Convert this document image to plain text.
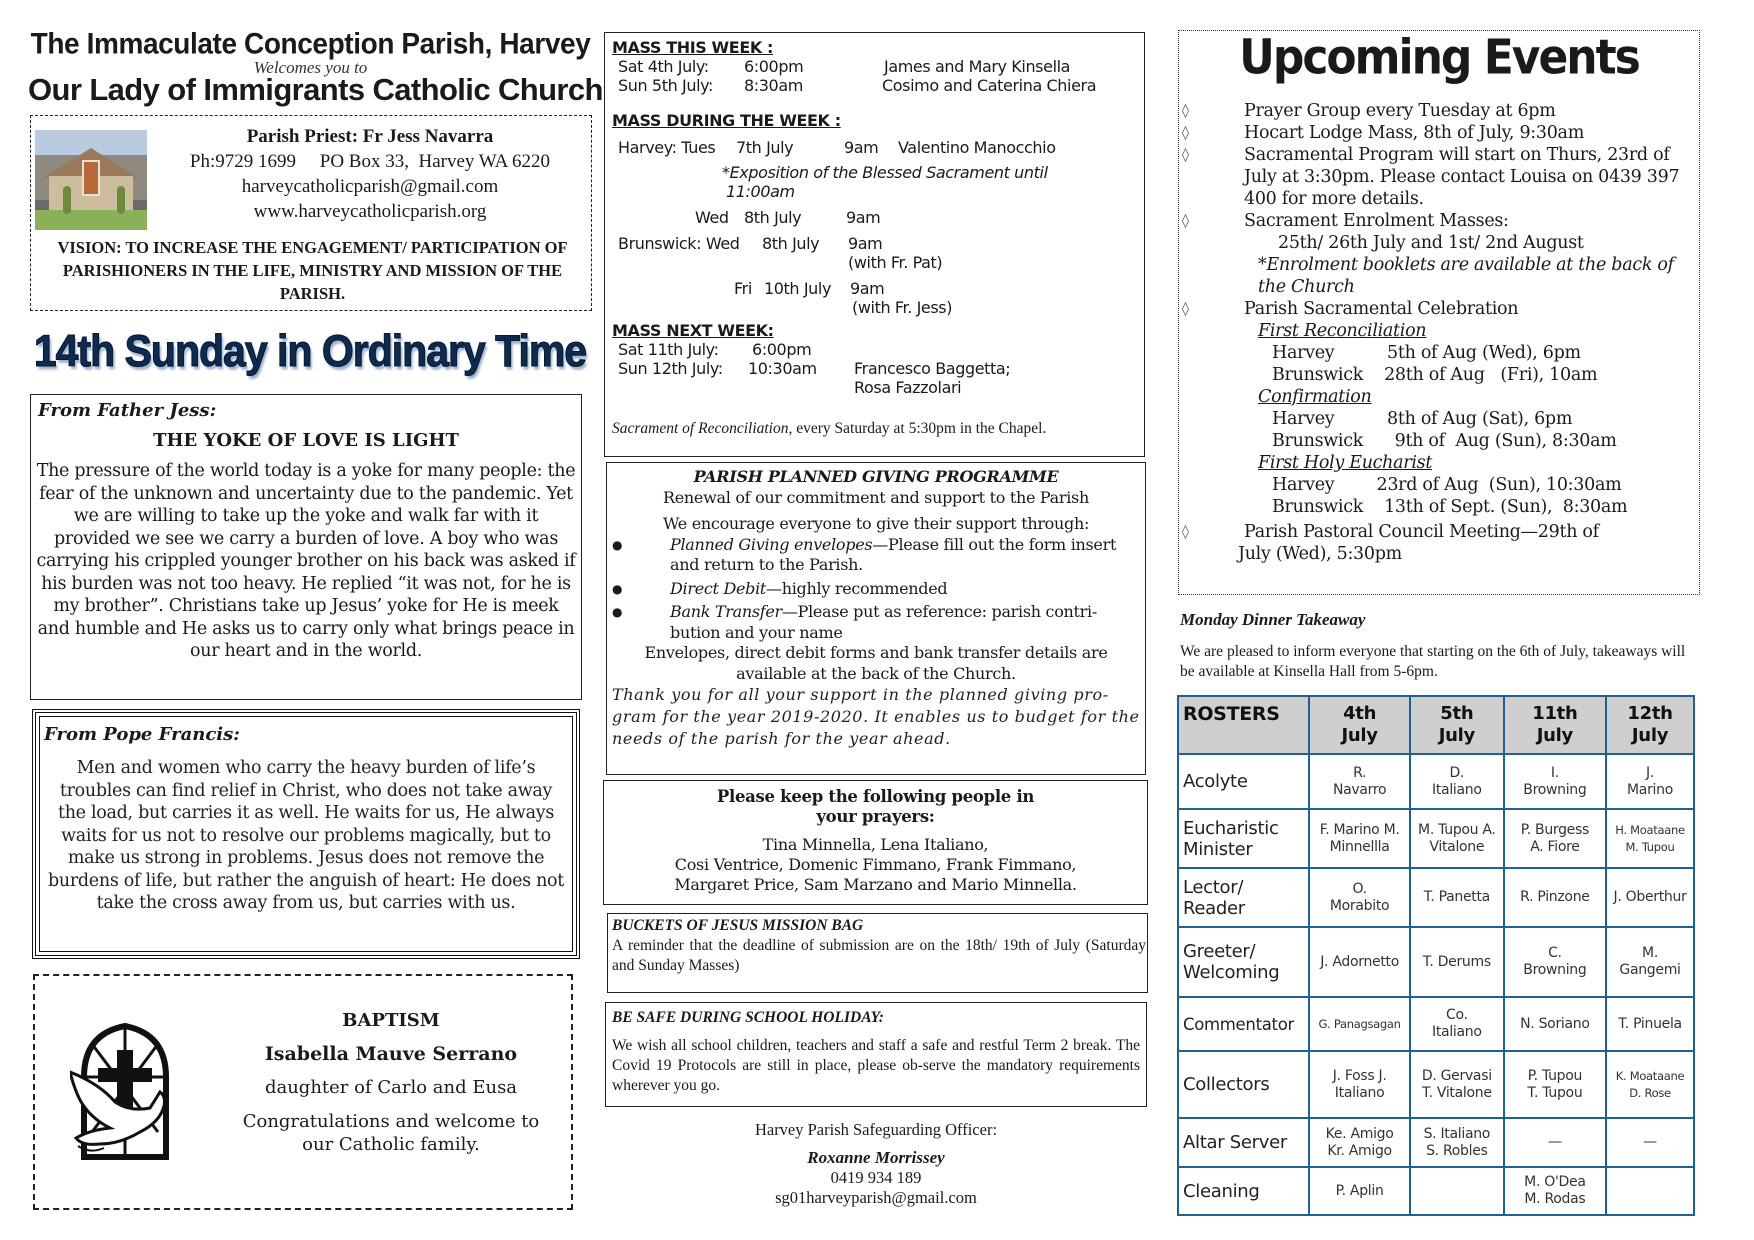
The Immaculate Conception Parish, Harvey
Welcomes you to
Our Lady of Immigrants Catholic Church
Parish Priest: Fr Jess Navarra
Ph:9729 1699     PO Box 33,  Harvey WA 6220
harveycatholicparish@gmail.com
www.harveycatholicparish.org
VISION: TO INCREASE THE ENGAGEMENT/ PARTICIPATION OF PARISHIONERS IN THE LIFE, MINISTRY AND MISSION OF THE PARISH.
14th Sunday in Ordinary Time
From Father Jess:
THE YOKE OF LOVE IS LIGHT
The pressure of the world today is a yoke for many people: the fear of the unknown and uncertainty due to the pandemic. Yet we are willing to take up the yoke and walk far with it provided we see we carry a burden of love. A boy who was carrying his crippled younger brother on his back was asked if his burden was not too heavy. He replied “it was not, for he is my brother”. Christians take up Jesus’ yoke for He is meek and humble and He asks us to carry only what brings peace in our heart and in the world.
From Pope Francis:
Men and women who carry the heavy burden of life’s troubles can find relief in Christ, who does not take away the load, but carries it as well. He waits for us, He always waits for us not to resolve our problems magically, but to make us strong in problems. Jesus does not remove the burdens of life, but rather the anguish of heart: He does not take the cross away from us, but carries with us.
BAPTISM
Isabella Mauve Serrano
daughter of Carlo and Eusa
Congratulations and welcome to our Catholic family.
MASS THIS WEEK :
Sat 4th July: 6:00pm	James and Mary Kinsella
Sun 5th July: 8:30am	Cosimo and Caterina Chiera
MASS DURING THE WEEK :
Harvey: Tues 7th July	9am Valentino Manocchio
*Exposition of the Blessed Sacrament until
11:00am
Wed 8th July	9am
Brunswick: Wed 8th July 9am
(with Fr. Pat)
Fri 10th July 9am
(with Fr. Jess)
MASS NEXT WEEK:
Sat 11th July: 6:00pm
Sun 12th July: 10:30am Francesco Baggetta;
Rosa Fazzolari
Sacrament of Reconciliation, every Saturday at 5:30pm in the Chapel.
PARISH PLANNED GIVING PROGRAMME
Renewal of our commitment and support to the Parish
We encourage everyone to give their support through:
● Planned Giving envelopes—Please fill out the form insert and return to the Parish.
● Direct Debit—highly recommended
● Bank Transfer—Please put as reference: parish contri-bution and your name
Envelopes, direct debit forms and bank transfer details are available at the back of the Church.
Thank you for all your support in the planned giving pro-gram for the year 2019-2020. It enables us to budget for the needs of the parish for the year ahead.
Please keep the following people in your prayers:
Tina Minnella, Lena Italiano,
Cosi Ventrice, Domenic Fimmano, Frank Fimmano,
Margaret Price, Sam Marzano and Mario Minnella.
BUCKETS OF JESUS MISSION BAG
A reminder that the deadline of submission are on the 18th/ 19th of July (Saturday and Sunday Masses)
BE SAFE DURING SCHOOL HOLIDAY:
We wish all school children, teachers and staff a safe and restful Term 2 break. The Covid 19 Protocols are still in place, please ob-serve the mandatory requirements wherever you go.
Harvey Parish Safeguarding Officer:
Roxanne Morrissey
0419 934 189
sg01harveyparish@gmail.com
Upcoming Events
◊	Prayer Group every Tuesday at 6pm
◊	Hocart Lodge Mass, 8th of July, 9:30am
◊	Sacramental Program will start on Thurs, 23rd of July at 3:30pm. Please contact Louisa on 0439 397 400 for more details.
◊	Sacrament Enrolment Masses:
25th/ 26th July and 1st/ 2nd August
*Enrolment booklets are available at the back of the Church
◊	Parish Sacramental Celebration
First Reconciliation
Harvey          5th of Aug (Wed), 6pm
Brunswick    28th of Aug   (Fri), 10am
Confirmation
Harvey          8th of Aug (Sat), 6pm
Brunswick      9th of  Aug (Sun), 8:30am
First Holy Eucharist
Harvey        23rd of Aug  (Sun), 10:30am
Brunswick    13th of Sept. (Sun),  8:30am
◊	Parish Pastoral Council Meeting—29th of
July (Wed), 5:30pm
Monday Dinner Takeaway
We are pleased to inform everyone that starting on the 6th of July, takeaways will be available at Kinsella Hall from 5-6pm.
ROSTERS	4th July	5th July	11th July	12th July
Acolyte	R. Navarro	D. Italiano	I. Browning	J. Marino
Eucharistic Minister	F. Marino M. Minnellla	M. Tupou A. Vitalone	P. Burgess A. Fiore	H. Moataane M. Tupou
Lector/ Reader	O. Morabito	T. Panetta	R. Pinzone	J. Oberthur
Greeter/ Welcoming	J. Adornetto	T. Derums	C. Browning	M. Gangemi
Commentator	G. Panagsagan	Co. Italiano	N. Soriano	T. Pinuela
Collectors	J. Foss J. Italiano	D. Gervasi T. Vitalone	P. Tupou T. Tupou	K. Moataane D. Rose
Altar Server	Ke. Amigo Kr. Amigo	S. Italiano S. Robles	—	—
Cleaning	P. Aplin		M. O'Dea M. Rodas	
